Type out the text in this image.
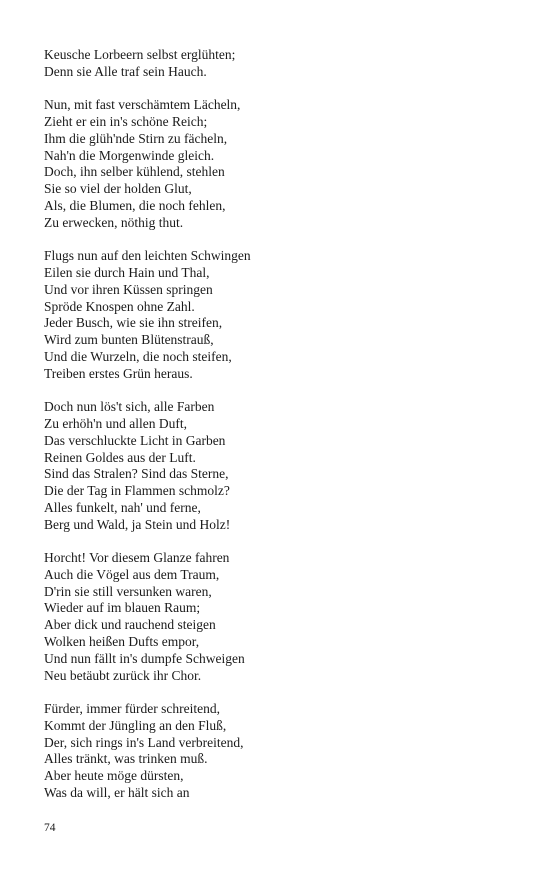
Keusche Lorbeern selbst erglühten;
Denn sie Alle traf sein Hauch.
Nun, mit fast verschämtem Lächeln,
Zieht er ein in's schöne Reich;
Ihm die glüh'nde Stirn zu fächeln,
Nah'n die Morgenwinde gleich.
Doch, ihn selber kühlend, stehlen
Sie so viel der holden Glut,
Als, die Blumen, die noch fehlen,
Zu erwecken, nöthig thut.
Flugs nun auf den leichten Schwingen
Eilen sie durch Hain und Thal,
Und vor ihren Küssen springen
Spröde Knospen ohne Zahl.
Jeder Busch, wie sie ihn streifen,
Wird zum bunten Blütenstrauß,
Und die Wurzeln, die noch steifen,
Treiben erstes Grün heraus.
Doch nun lös't sich, alle Farben
Zu erhöh'n und allen Duft,
Das verschluckte Licht in Garben
Reinen Goldes aus der Luft.
Sind das Stralen? Sind das Sterne,
Die der Tag in Flammen schmolz?
Alles funkelt, nah' und ferne,
Berg und Wald, ja Stein und Holz!
Horcht! Vor diesem Glanze fahren
Auch die Vögel aus dem Traum,
D'rin sie still versunken waren,
Wieder auf im blauen Raum;
Aber dick und rauchend steigen
Wolken heißen Dufts empor,
Und nun fällt in's dumpfe Schweigen
Neu betäubt zurück ihr Chor.
Fürder, immer fürder schreitend,
Kommt der Jüngling an den Fluß,
Der, sich rings in's Land verbreitend,
Alles tränkt, was trinken muß.
Aber heute möge dürsten,
Was da will, er hält sich an
74
